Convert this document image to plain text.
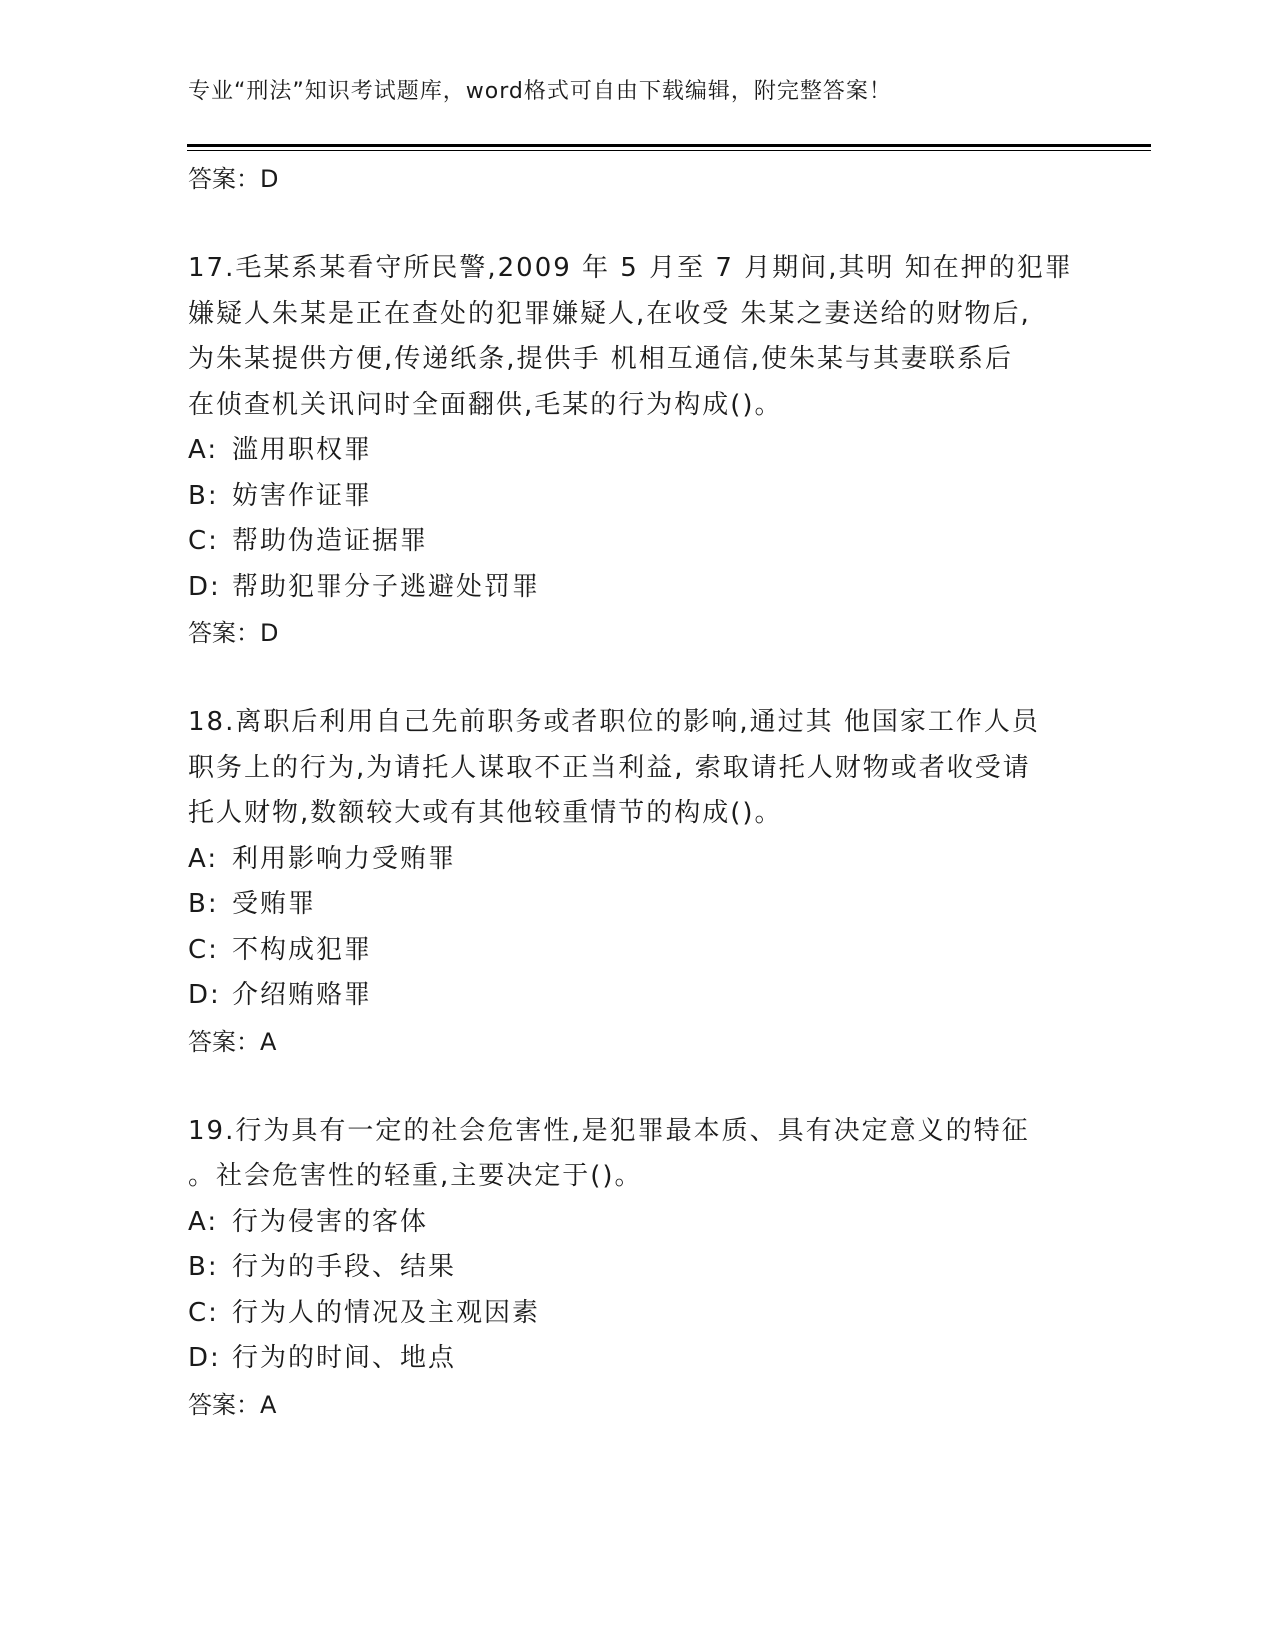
专业“刑法”知识考试题库，word格式可自由下载编辑，附完整答案！
答案：D
17.毛某系某看守所民警,2009 年 5 月至 7 月期间,其明 知在押的犯罪
嫌疑人朱某是正在查处的犯罪嫌疑人,在收受 朱某之妻送给的财物后,
为朱某提供方便,传递纸条,提供手 机相互通信,使朱某与其妻联系后
在侦查机关讯问时全面翻供,毛某的行为构成()。
A: 滥用职权罪
B: 妨害作证罪
C: 帮助伪造证据罪
D: 帮助犯罪分子逃避处罚罪
答案：D
18.离职后利用自己先前职务或者职位的影响,通过其 他国家工作人员
职务上的行为,为请托人谋取不正当利益, 索取请托人财物或者收受请
托人财物,数额较大或有其他较重情节的构成()。
A: 利用影响力受贿罪
B: 受贿罪
C: 不构成犯罪
D: 介绍贿赂罪
答案：A
19.行为具有一定的社会危害性,是犯罪最本质、具有决定意义的特征
。社会危害性的轻重,主要决定于()。
A: 行为侵害的客体
B: 行为的手段、结果
C: 行为人的情况及主观因素
D: 行为的时间、地点
答案：A
